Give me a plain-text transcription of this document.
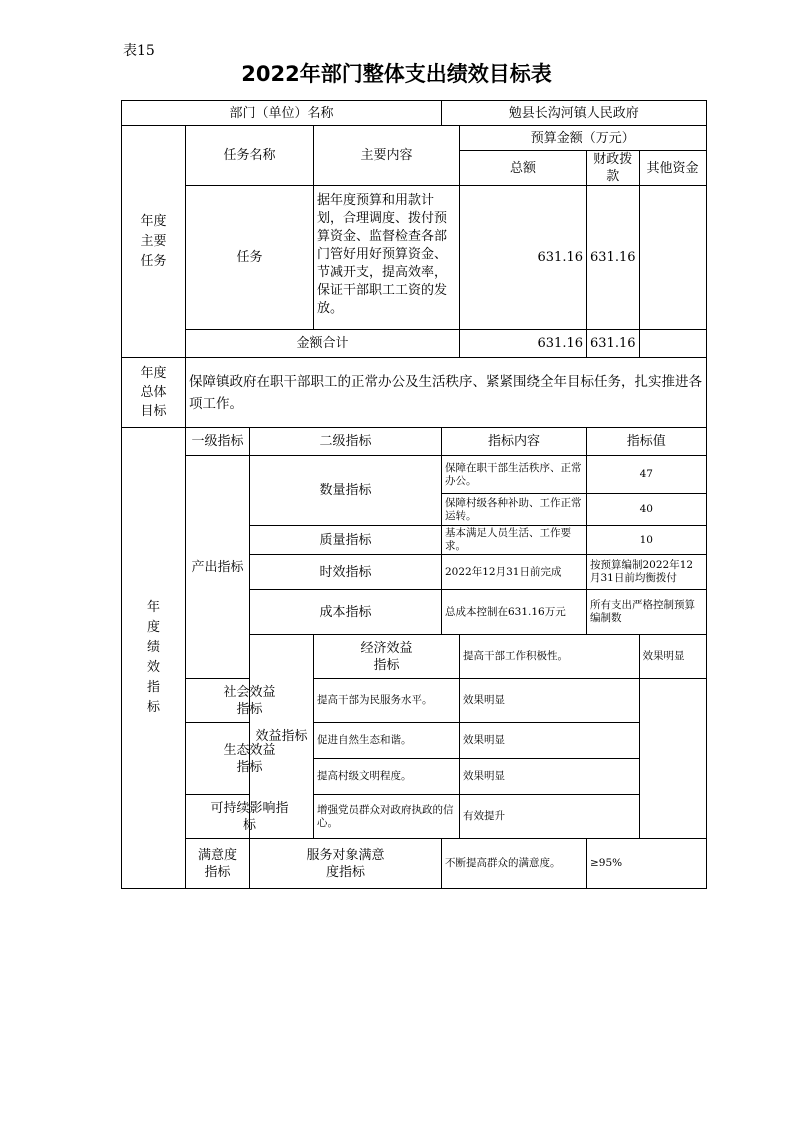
表15
2022年部门整体支出绩效目标表
部门（单位）名称				勉县长沟河镇人民政府			
年度主要任务	任务名称		主要内容		预算金额（万元）		
					总额	财政拨款	其他资金
	任务		据年度预算和用款计划，合理调度、拨付预算资金、监督检查各部门管好用好预算资金、节减开支，提高效率，保证干部职工工资的发放。		631.16	631.16	
	金额合计				631.16	631.16	
年度总体目标	保障镇政府在职干部职工的正常办公及生活秩序、紧紧围绕全年目标任务，扎实推进各项工作。						
年度绩效指标	一级指标	二级指标		指标内容		指标值	
	产出指标	数量指标		保障在职干部生活秩序、正常办公。		47	
				保障村级各种补助、工作正常运转。		40	
		质量指标		基本满足人员生活、工作要求。		10	
		时效指标		2022年12月31日前完成		按预算编制2022年12月31日前均衡拨付	
		成本指标		总成本控制在631.16万元		所有支出严格控制预算编制数	
		效益指标	经济效益指标		提高干部工作积极性。		效果明显
	社会效益指标		提高干部为民服务水平。		效果明显		
	生态效益指标		促进自然生态和谐。		效果明显		
			提高村级文明程度。		效果明显		
	可持续影响指标		增强党员群众对政府执政的信心。		有效提升		
	满意度指标	服务对象满意度指标		不断提高群众的满意度。		≥95%	
